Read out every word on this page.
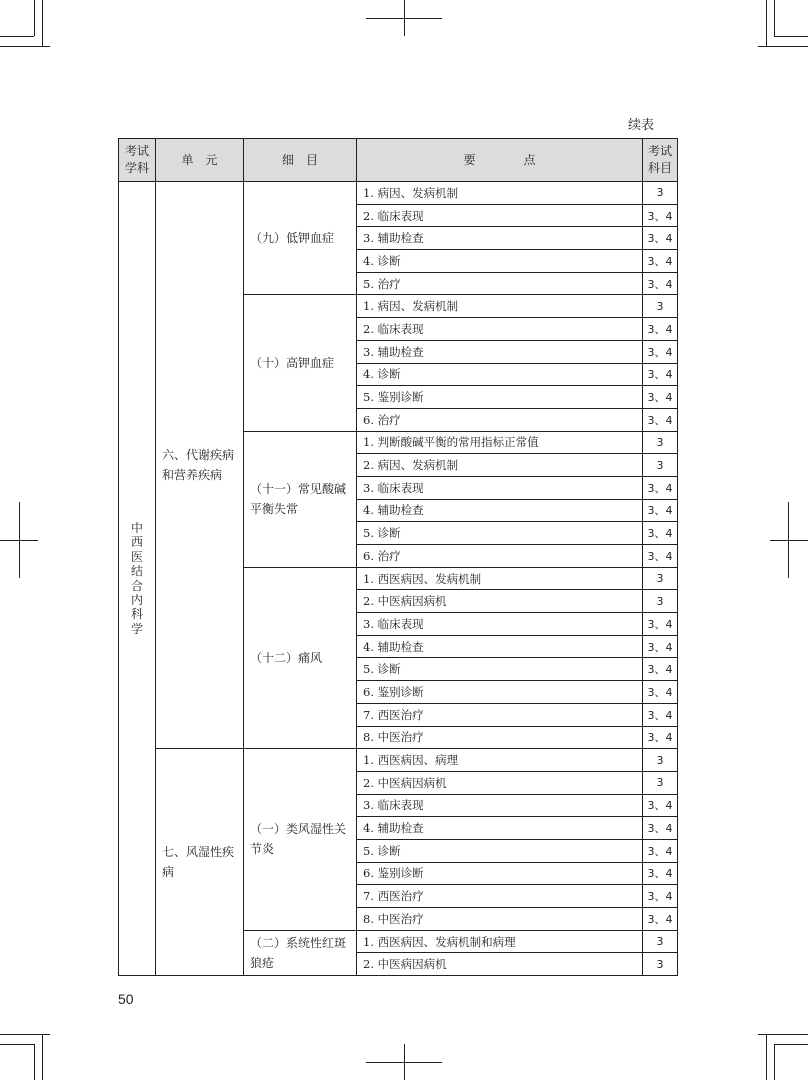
续表
考试学科	单　元	细　目	要　　　　点	考试科目
中西医结合内科学	六、代谢疾病和营养疾病	（九）低钾血症	1. 病因、发病机制	3
			2. 临床表现	3、4
			3. 辅助检查	3、4
			4. 诊断	3、4
			5. 治疗	3、4
		（十）高钾血症	1. 病因、发病机制	3
			2. 临床表现	3、4
			3. 辅助检查	3、4
			4. 诊断	3、4
			5. 鉴别诊断	3、4
			6. 治疗	3、4
		（十一）常见酸碱平衡失常	1. 判断酸碱平衡的常用指标正常值	3
			2. 病因、发病机制	3
			3. 临床表现	3、4
			4. 辅助检查	3、4
			5. 诊断	3、4
			6. 治疗	3、4
		（十二）痛风	1. 西医病因、发病机制	3
			2. 中医病因病机	3
			3. 临床表现	3、4
			4. 辅助检查	3、4
			5. 诊断	3、4
			6. 鉴别诊断	3、4
			7. 西医治疗	3、4
			8. 中医治疗	3、4
	七、风湿性疾病	（一）类风湿性关节炎	1. 西医病因、病理	3
			2. 中医病因病机	3
			3. 临床表现	3、4
			4. 辅助检查	3、4
			5. 诊断	3、4
			6. 鉴别诊断	3、4
			7. 西医治疗	3、4
			8. 中医治疗	3、4
		（二）系统性红斑狼疮	1. 西医病因、发病机制和病理	3
			2. 中医病因病机	3
50
